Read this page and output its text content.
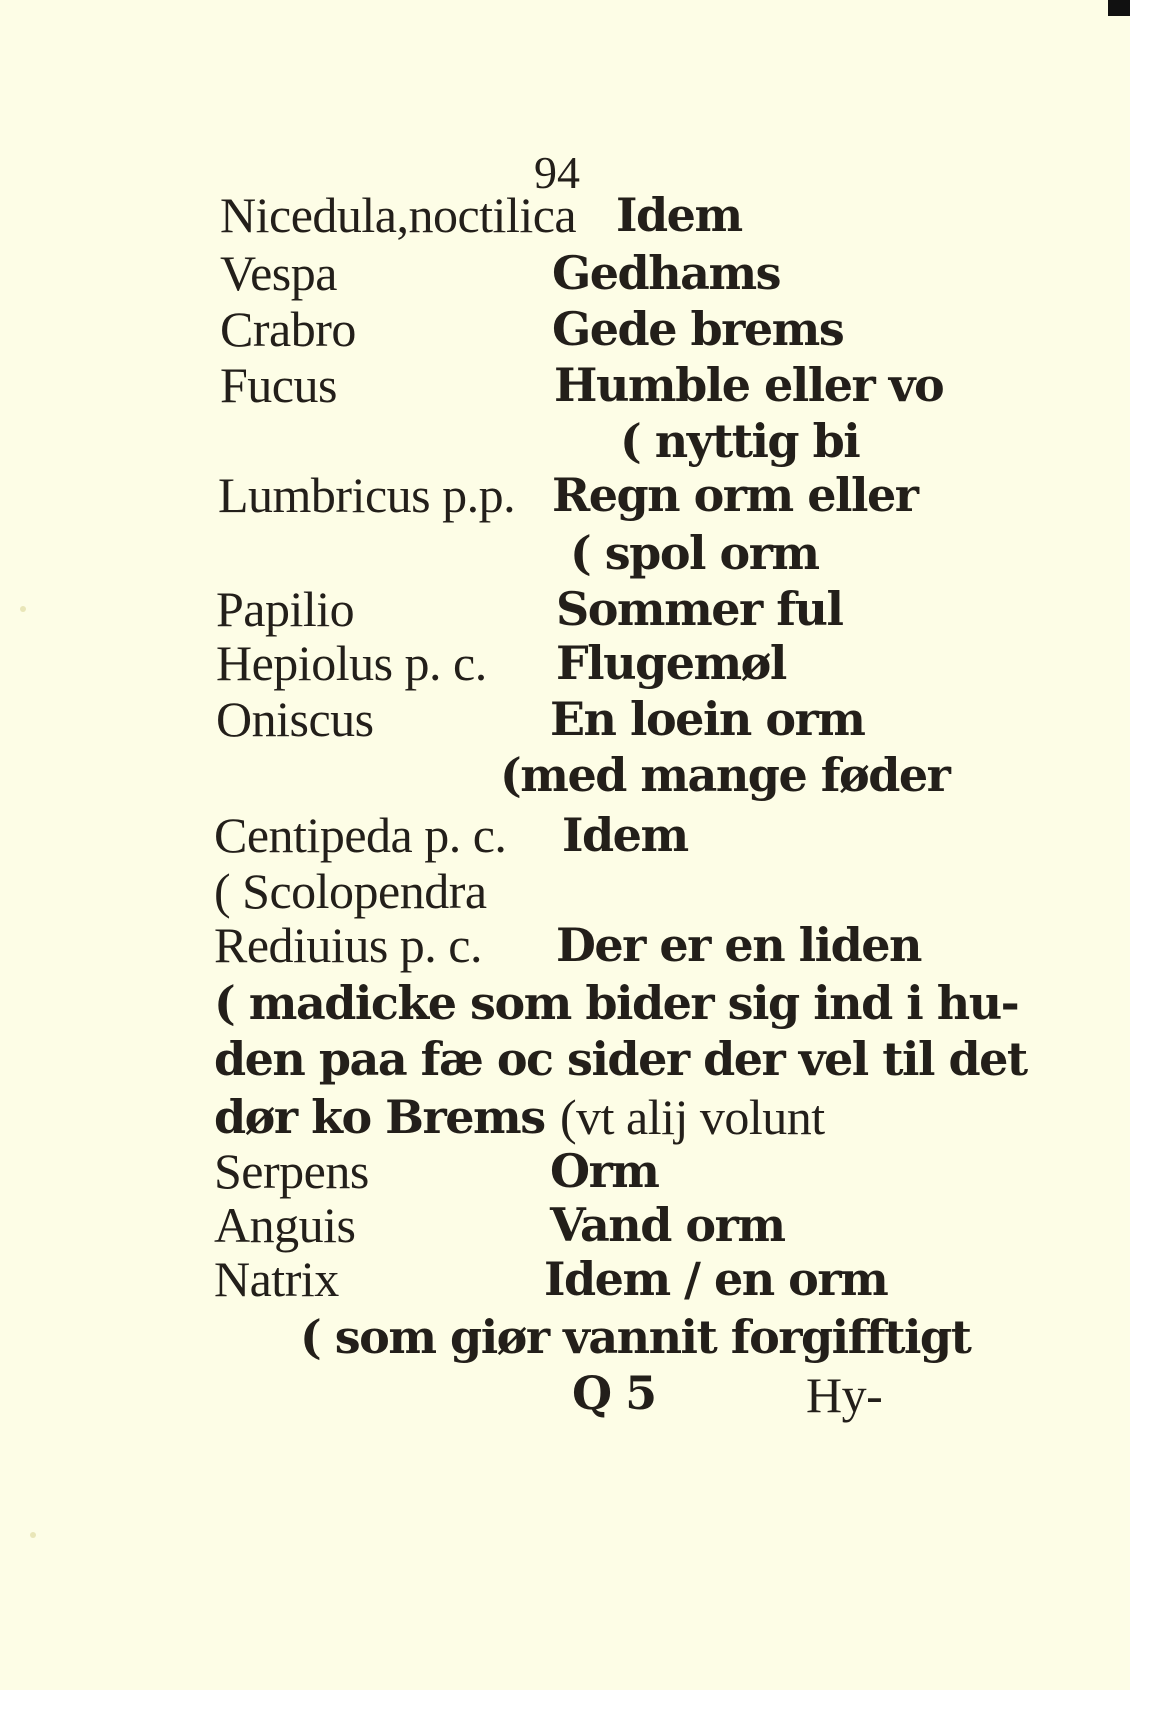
94
Nicedula,noctilica Idem
Vespa	Gedhams
Crabro	Gede brems
Fucus	Humble eller vo
( nyttig bi
Lumbricus p.p. Regn orm eller
( spol orm
Papilio	Sommer ful
Hepiolus p. c. Flugemøl
Oniscus	En loein orm
(med mange føder
Centipeda p. c. Idem
( Scolopendra
Rediuius p. c. Der er en liden
( madicke som bider sig ind i hu-
den paa fæ oc sider der vel til det
dør ko Brems (vt alij volunt
Serpens	Orm
Anguis	Vand orm
Natrix	Idem / en orm
( som giør vannit forgifftigt
Q 5	Hy-
